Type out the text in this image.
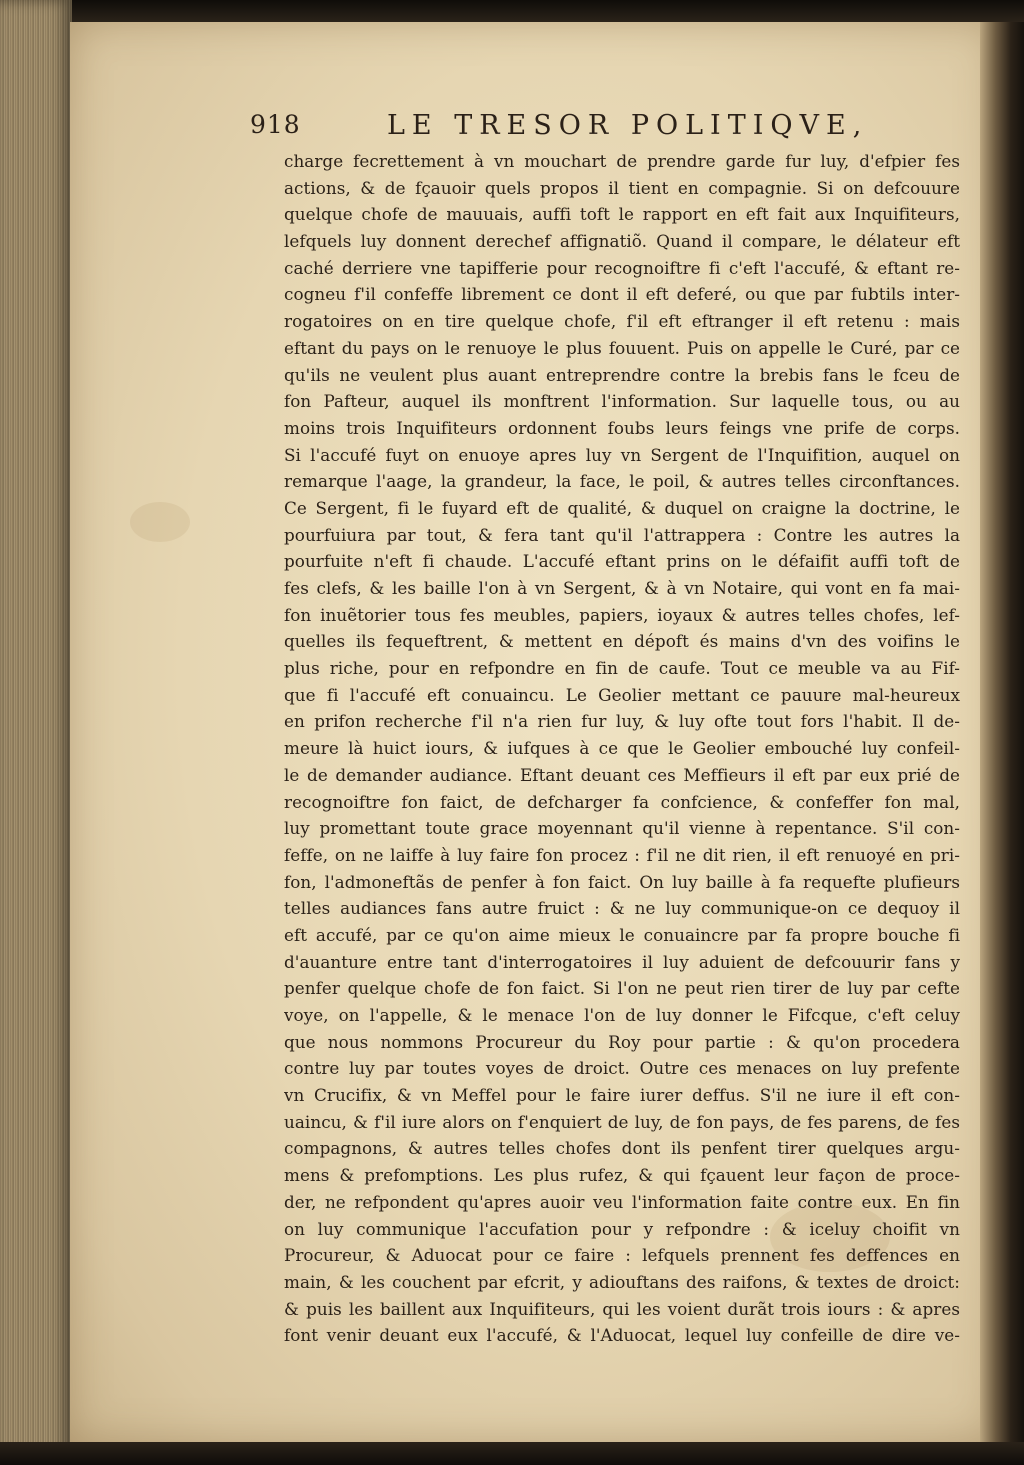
918	LE TRESOR POLITIQVE,
charge fecrettement à vn mouchart de prendre garde fur luy, d'efpier fes
actions, & de fçauoir quels propos il tient en compagnie. Si on defcouure
quelque chofe de mauuais, auffi toft le rapport en eft fait aux Inquifiteurs,
lefquels luy donnent derechef affignatiõ. Quand il compare, le délateur eft
caché derriere vne tapifferie pour recognoiftre fi c'eft l'accufé, & eftant re-
cogneu f'il confeffe librement ce dont il eft deferé, ou que par fubtils inter-
rogatoires on en tire quelque chofe, f'il eft eftranger il eft retenu : mais
eftant du pays on le renuoye le plus fouuent. Puis on appelle le Curé, par ce
qu'ils ne veulent plus auant entreprendre contre la brebis fans le fceu de
fon Pafteur, auquel ils monftrent l'information. Sur laquelle tous, ou au
moins trois Inquifiteurs ordonnent foubs leurs feings vne prife de corps.
Si l'accufé fuyt on enuoye apres luy vn Sergent de l'Inquifition, auquel on
remarque l'aage, la grandeur, la face, le poil, & autres telles circonftances.
Ce Sergent, fi le fuyard eft de qualité, & duquel on craigne la doctrine, le
pourfuiura par tout, & fera tant qu'il l'attrappera : Contre les autres la
pourfuite n'eft fi chaude. L'accufé eftant prins on le défaifit auffi toft de
fes clefs, & les baille l'on à vn Sergent, & à vn Notaire, qui vont en fa mai-
fon inuẽtorier tous fes meubles, papiers, ioyaux & autres telles chofes, lef-
quelles ils fequeftrent, & mettent en dépoft és mains d'vn des voifins le
plus riche, pour en refpondre en fin de caufe. Tout ce meuble va au Fif-
que fi l'accufé eft conuaincu. Le Geolier mettant ce pauure mal-heureux
en prifon recherche f'il n'a rien fur luy, & luy ofte tout fors l'habit. Il de-
meure là huict iours, & iufques à ce que le Geolier embouché luy confeil-
le de demander audiance. Eftant deuant ces Meffieurs il eft par eux prié de
recognoiftre fon faict, de defcharger fa confcience, & confeffer fon mal,
luy promettant toute grace moyennant qu'il vienne à repentance. S'il con-
feffe, on ne laiffe à luy faire fon procez : f'il ne dit rien, il eft renuoyé en pri-
fon, l'admoneftãs de penfer à fon faict. On luy baille à fa requefte plufieurs
telles audiances fans autre fruict : & ne luy communique-on ce dequoy il
eft accufé, par ce qu'on aime mieux le conuaincre par fa propre bouche fi
d'auanture entre tant d'interrogatoires il luy aduient de defcouurir fans y
penfer quelque chofe de fon faict. Si l'on ne peut rien tirer de luy par cefte
voye, on l'appelle, & le menace l'on de luy donner le Fifcque, c'eft celuy
que nous nommons Procureur du Roy pour partie : & qu'on procedera
contre luy par toutes voyes de droict. Outre ces menaces on luy prefente
vn Crucifix, & vn Meffel pour le faire iurer deffus. S'il ne iure il eft con-
uaincu, & f'il iure alors on f'enquiert de luy, de fon pays, de fes parens, de fes
compagnons, & autres telles chofes dont ils penfent tirer quelques argu-
mens & prefomptions. Les plus rufez, & qui fçauent leur façon de proce-
der, ne refpondent qu'apres auoir veu l'information faite contre eux. En fin
on luy communique l'accufation pour y refpondre : & iceluy choifit vn
Procureur, & Aduocat pour ce faire : lefquels prennent fes deffences en
main, & les couchent par efcrit, y adiouftans des raifons, & textes de droict:
& puis les baillent aux Inquifiteurs, qui les voient durãt trois iours : & apres
font venir deuant eux l'accufé, & l'Aduocat, lequel luy confeille de dire ve-
